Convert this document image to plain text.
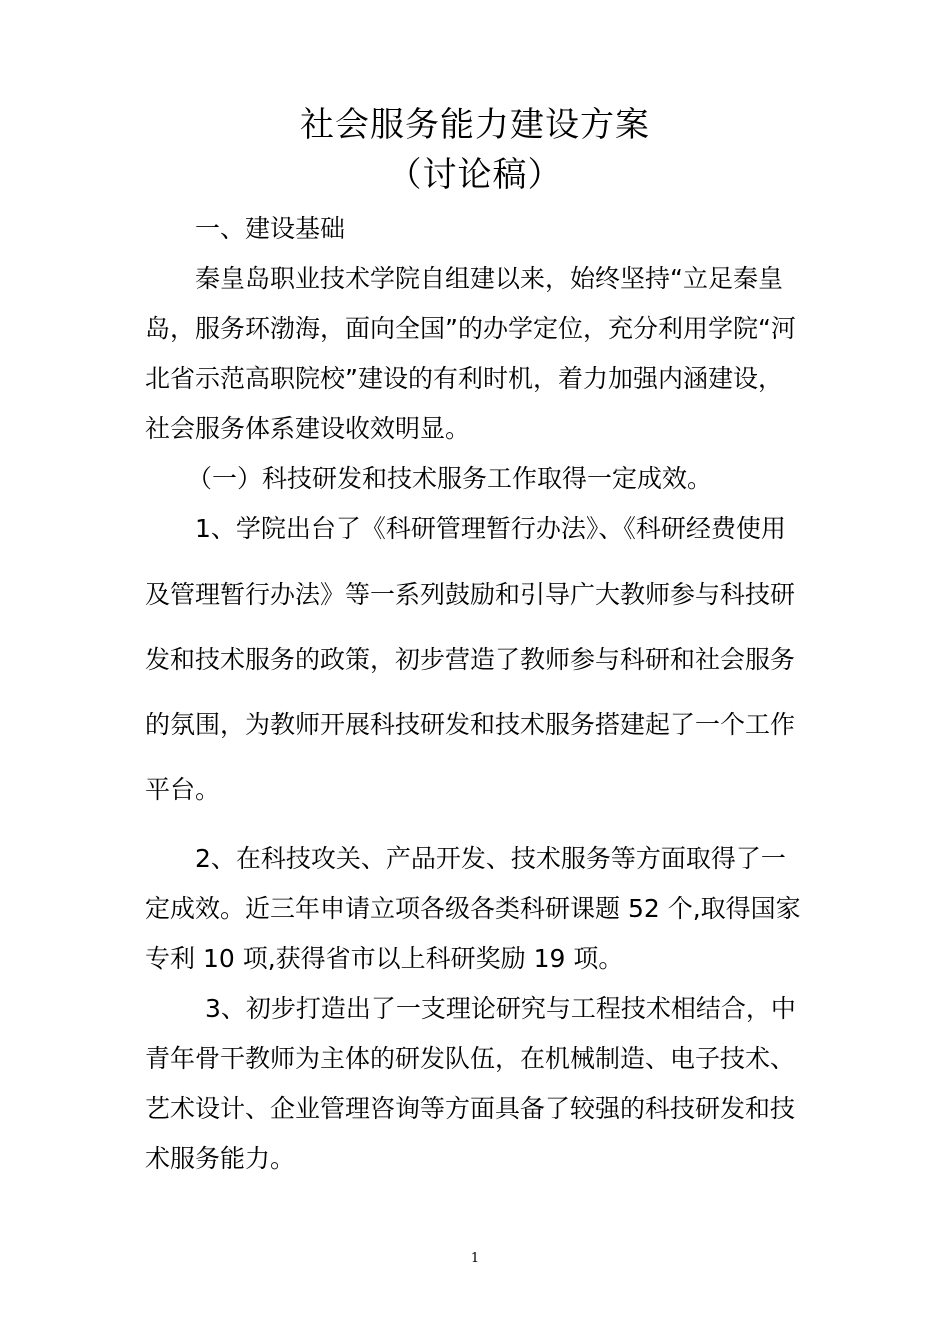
社会服务能力建设方案
（讨论稿）
一、建设基础
秦皇岛职业技术学院自组建以来，始终坚持“立足秦皇
岛，服务环渤海，面向全国”的办学定位，充分利用学院“河
北省示范高职院校”建设的有利时机，着力加强内涵建设，
社会服务体系建设收效明显。
（一）科技研发和技术服务工作取得一定成效。
1、学院出台了《科研管理暂行办法》、《科研经费使用
及管理暂行办法》等一系列鼓励和引导广大教师参与科技研
发和技术服务的政策，初步营造了教师参与科研和社会服务
的氛围，为教师开展科技研发和技术服务搭建起了一个工作
平台。
2、在科技攻关、产品开发、技术服务等方面取得了一
定成效。近三年申请立项各级各类科研课题 52 个,取得国家
专利 10 项,获得省市以上科研奖励 19 项。
3、初步打造出了一支理论研究与工程技术相结合，中
青年骨干教师为主体的研发队伍，在机械制造、电子技术、
艺术设计、企业管理咨询等方面具备了较强的科技研发和技
术服务能力。
1
